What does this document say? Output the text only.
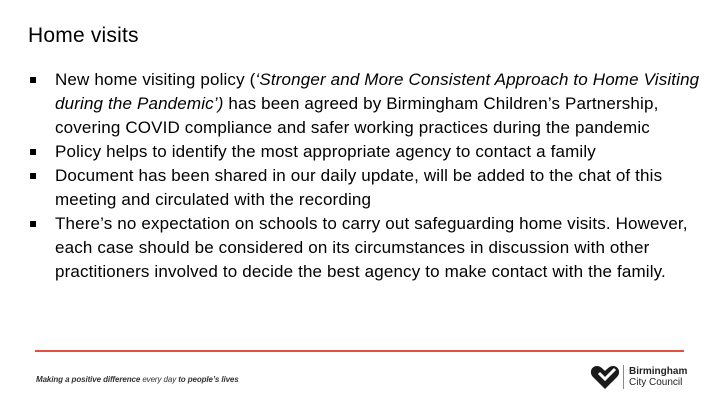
Home visits
New home visiting policy (‘Stronger and More Consistent Approach to Home Visiting during the Pandemic’) has been agreed by Birmingham Children’s Partnership, covering COVID compliance and safer working practices during the pandemic
Policy helps to identify the most appropriate agency to contact a family
Document has been shared in our daily update, will be added to the chat of this meeting and circulated with the recording
There’s no expectation on schools to carry out safeguarding home visits. However, each case should be considered on its circumstances in discussion with other practitioners involved to decide the best agency to make contact with the family.
Making a positive difference every day to people’s lives
Birmingham
City Council
